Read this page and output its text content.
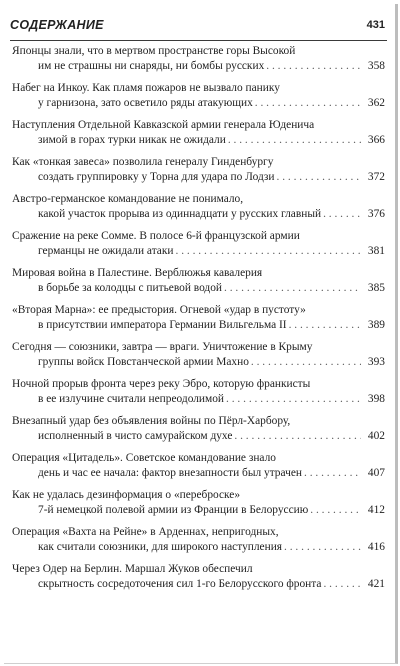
СОДЕРЖАНИЕ	431
Японцы знали, что в мертвом пространстве горы Высокой
им не страшны ни снаряды, ни бомбы русских . . .	358
Набег на Инкоу. Как пламя пожаров не вызвало панику
у гарнизона, зато осветило ряды атакующих . . .	362
Наступления Отдельной Кавказской армии генерала Юденича
зимой в горах турки никак не ожидали . . .	366
Как «тонкая завеса» позволила генералу Гинденбургу
создать группировку у Торна для удара по Лодзи . . .	372
Австро-германское командование не понимало,
какой участок прорыва из одиннадцати у русских главный . . .	376
Сражение на реке Сомме. В полосе 6-й французской армии
германцы не ожидали атаки . . .	381
Мировая война в Палестине. Верблюжья кавалерия
в борьбе за колодцы с питьевой водой . . .	385
«Вторая Марна»: ее предыстория. Огневой «удар в пустоту»
в присутствии императора Германии Вильгельма II . . .	389
Сегодня — союзники, завтра — враги. Уничтожение в Крыму
группы войск Повстанческой армии Махно . . .	393
Ночной прорыв фронта через реку Эбро, которую франкисты
в ее излучине считали непреодолимой . . .	398
Внезапный удар без объявления войны по Пёрл-Харбору,
исполненный в чисто самурайском духе . . .	402
Операция «Цитадель». Советское командование знало
день и час ее начала: фактор внезапности был утрачен . . .	407
Как не удалась дезинформация о «переброске»
7-й немецкой полевой армии из Франции в Белоруссию . . .	412
Операция «Вахта на Рейне» в Арденнах, непригодных,
как считали союзники, для широкого наступления . . .	416
Через Одер на Берлин. Маршал Жуков обеспечил
скрытность сосредоточения сил 1-го Белорусского фронта . . .	421
